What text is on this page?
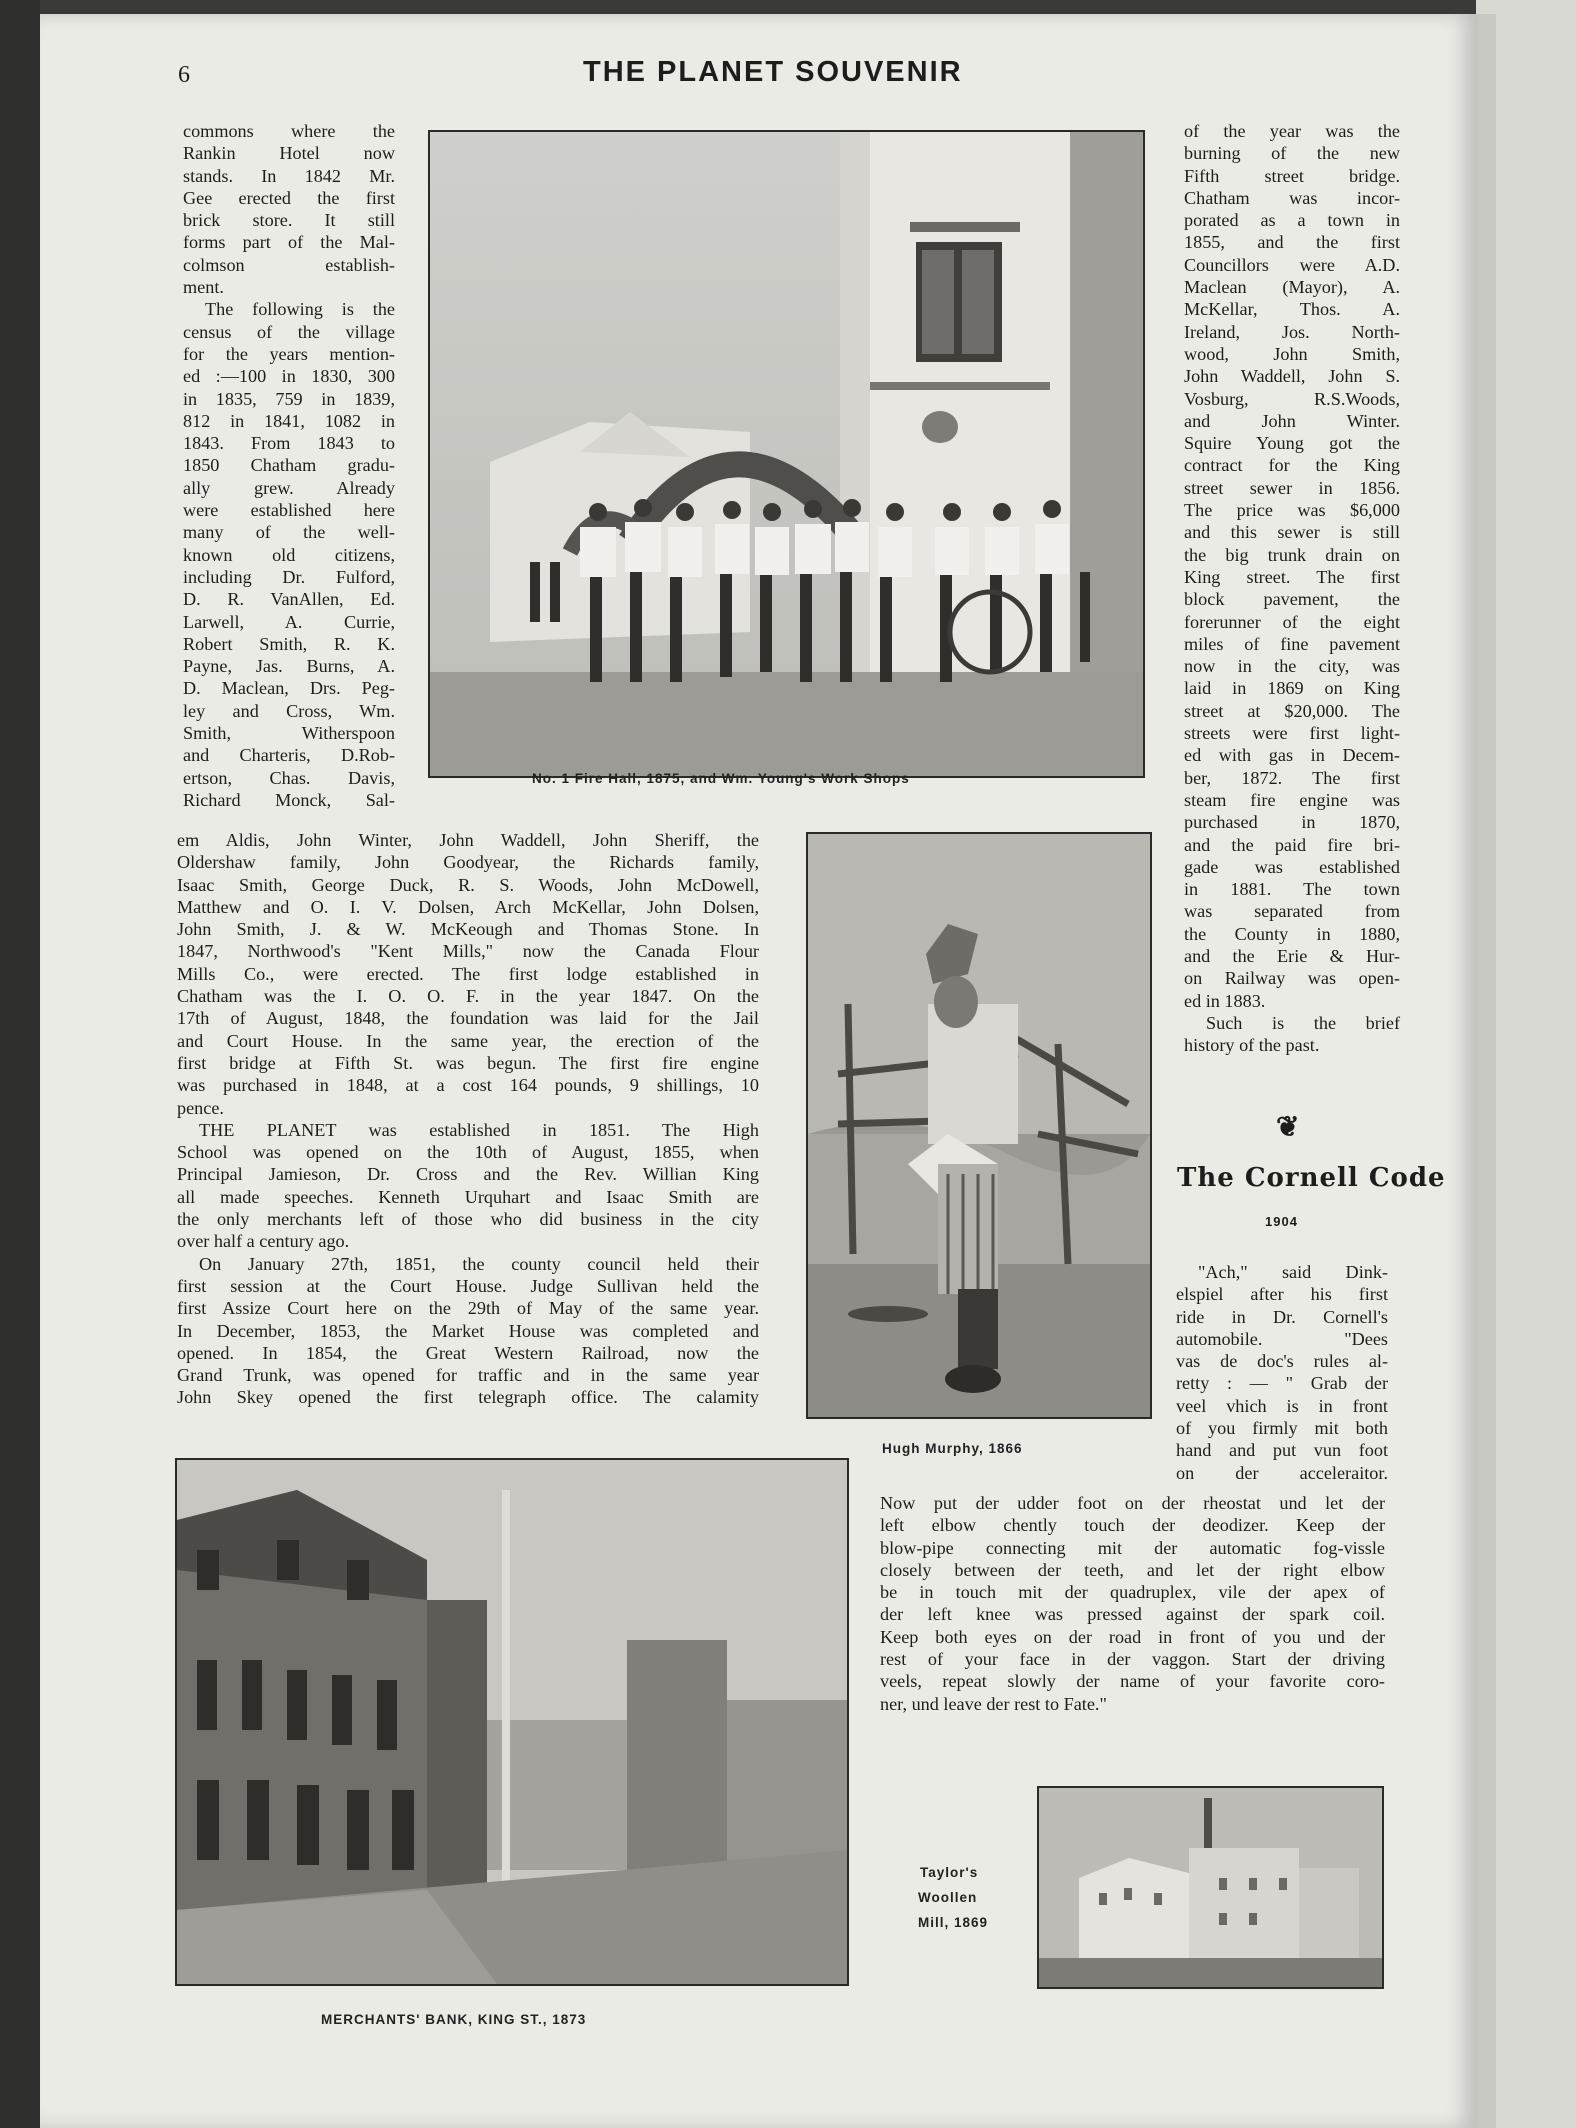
6	THE PLANET SOUVENIR

commons where the

Rankin Hotel now

stands. In 1842 Mr.

Gee erected the first

brick store. It still

forms part of the Mal-

colmson establish-

ment.

The following is the

census of the village

for the years mention-

ed :—100 in 1830, 300

in 1835, 759 in 1839,

812 in 1841, 1082 in

1843. From 1843 to

1850 Chatham gradu-

ally grew. Already

were established here

many of the well-

known old citizens,

including Dr. Fulford,

D. R. VanAllen, Ed.

Larwell, A. Currie,

Robert Smith, R. K.

Payne, Jas. Burns, A.

D. Maclean, Drs. Peg-

ley and Cross, Wm.

Smith, Witherspoon

and Charteris, D.Rob-

ertson, Chas. Davis,

Richard Monck, Sal-

em Aldis, John Winter, John Waddell, John Sheriff, the

Oldershaw family, John Goodyear, the Richards family,

Isaac Smith, George Duck, R. S. Woods, John McDowell,

Matthew and O. I. V. Dolsen, Arch McKellar, John Dolsen,

John Smith, J. & W. McKeough and Thomas Stone. In

1847, Northwood's "Kent Mills," now the Canada Flour

Mills Co., were erected. The first lodge established in

Chatham was the I. O. O. F. in the year 1847. On the

17th of August, 1848, the foundation was laid for the Jail

and Court House. In the same year, the erection of the

first bridge at Fifth St. was begun. The first fire engine

was purchased in 1848, at a cost 164 pounds, 9 shillings, 10

pence.

THE PLANET was established in 1851. The High

School was opened on the 10th of August, 1855, when

Principal Jamieson, Dr. Cross and the Rev. Willian King

all made speeches. Kenneth Urquhart and Isaac Smith are

the only merchants left of those who did business in the city

over half a century ago.

On January 27th, 1851, the county council held their

first session at the Court House. Judge Sullivan held the

first Assize Court here on the 29th of May of the same year.

In December, 1853, the Market House was completed and

opened. In 1854, the Great Western Railroad, now the

Grand Trunk, was opened for traffic and in the same year

John Skey opened the first telegraph office. The calamity

of the year was the

burning of the new

Fifth street bridge.

Chatham was incor-

porated as a town in

1855, and the first

Councillors were A.D.

Maclean (Mayor), A.

McKellar, Thos. A.

Ireland, Jos. North-

wood, John Smith,

John Waddell, John S.

Vosburg, R.S.Woods,

and John Winter.

Squire Young got the

contract for the King

street sewer in 1856.

The price was $6,000

and this sewer is still

the big trunk drain on

King street. The first

block pavement, the

forerunner of the eight

miles of fine pavement

now in the city, was

laid in 1869 on King

street at $20,000. The

streets were first light-

ed with gas in Decem-

ber, 1872. The first

steam fire engine was

purchased in 1870,

and the paid fire bri-

gade was established

in 1881. The town

was separated from

the County in 1880,

and the Erie & Hur-

on Railway was open-

ed in 1883.

Such is the brief

history of the past.

No. 1 Fire Hall, 1875, and Wm. Young's Work Shops
Hugh Murphy, 1866
❦
The Cornell Code
1904

"Ach," said Dink-

elspiel after his first

ride in Dr. Cornell's

automobile. "Dees

vas de doc's rules al-

retty : — " Grab der

veel vhich is in front

of you firmly mit both

hand and put vun foot

on der acceleraitor.

Now put der udder foot on der rheostat und let der

left elbow chently touch der deodizer. Keep der

blow-pipe connecting mit der automatic fog-vissle

closely between der teeth, and let der right elbow

be in touch mit der quadruplex, vile der apex of

der left knee was pressed against der spark coil.

Keep both eyes on der road in front of you und der

rest of your face in der vaggon. Start der driving

veels, repeat slowly der name of your favorite coro-

ner, und leave der rest to Fate."

MERCHANTS' BANK, KING ST., 1873
Taylor's
Woollen
Mill, 1869
